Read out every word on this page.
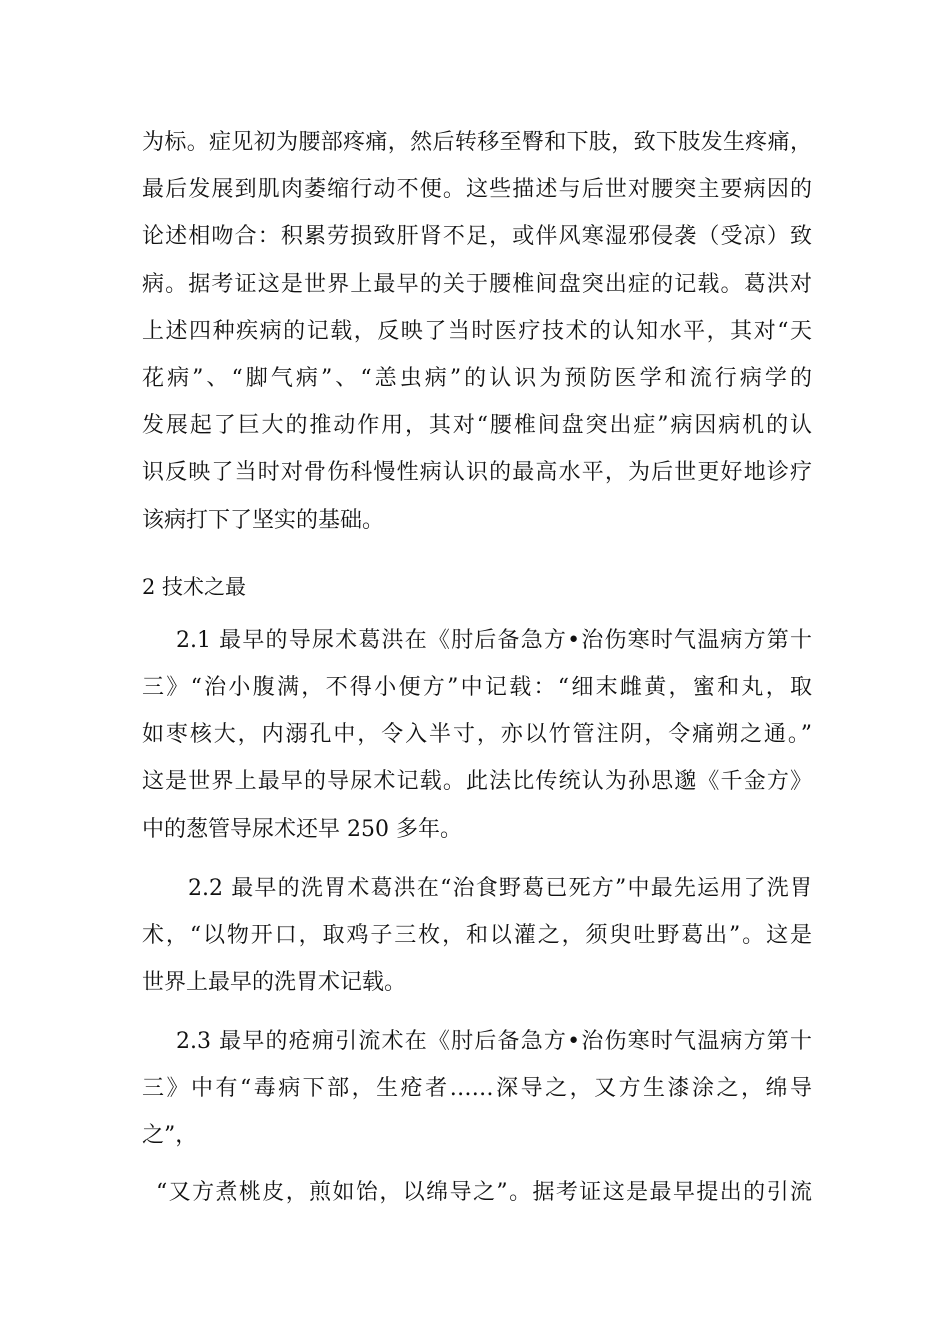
为标。症见初为腰部疼痛，然后转移至臀和下肢，致下肢发生疼痛，
最后发展到肌肉萎缩行动不便。这些描述与后世对腰突主要病因的
论述相吻合：积累劳损致肝肾不足，或伴风寒湿邪侵袭（受凉）致
病。据考证这是世界上最早的关于腰椎间盘突出症的记载。葛洪对
上述四种疾病的记载，反映了当时医疗技术的认知水平，其对“天
花病”、“脚气病”、“恙虫病”的认识为预防医学和流行病学的
发展起了巨大的推动作用，其对“腰椎间盘突出症”病因病机的认
识反映了当时对骨伤科慢性病认识的最高水平，为后世更好地诊疗
该病打下了坚实的基础。
2 技术之最
2.1 最早的导尿术葛洪在《肘后备急方•治伤寒时气温病方第十
三》“治小腹满，不得小便方”中记载：“细末雌黄，蜜和丸，取
如枣核大，内溺孔中，令入半寸，亦以竹管注阴，令痛朔之通。”
这是世界上最早的导尿术记载。此法比传统认为孙思邈《千金方》
中的葱管导尿术还早 250 多年。
2.2 最早的洗胃术葛洪在“治食野葛已死方”中最先运用了洗胃
术，“以物开口，取鸡子三枚，和以灌之，须臾吐野葛出”。这是
世界上最早的洗胃术记载。
2.3 最早的疮痈引流术在《肘后备急方•治伤寒时气温病方第十
三》中有“毒病下部，生疮者……深导之，又方生漆涂之，绵导
之”，
“又方煮桃皮，煎如饴，以绵导之”。据考证这是最早提出的引流
